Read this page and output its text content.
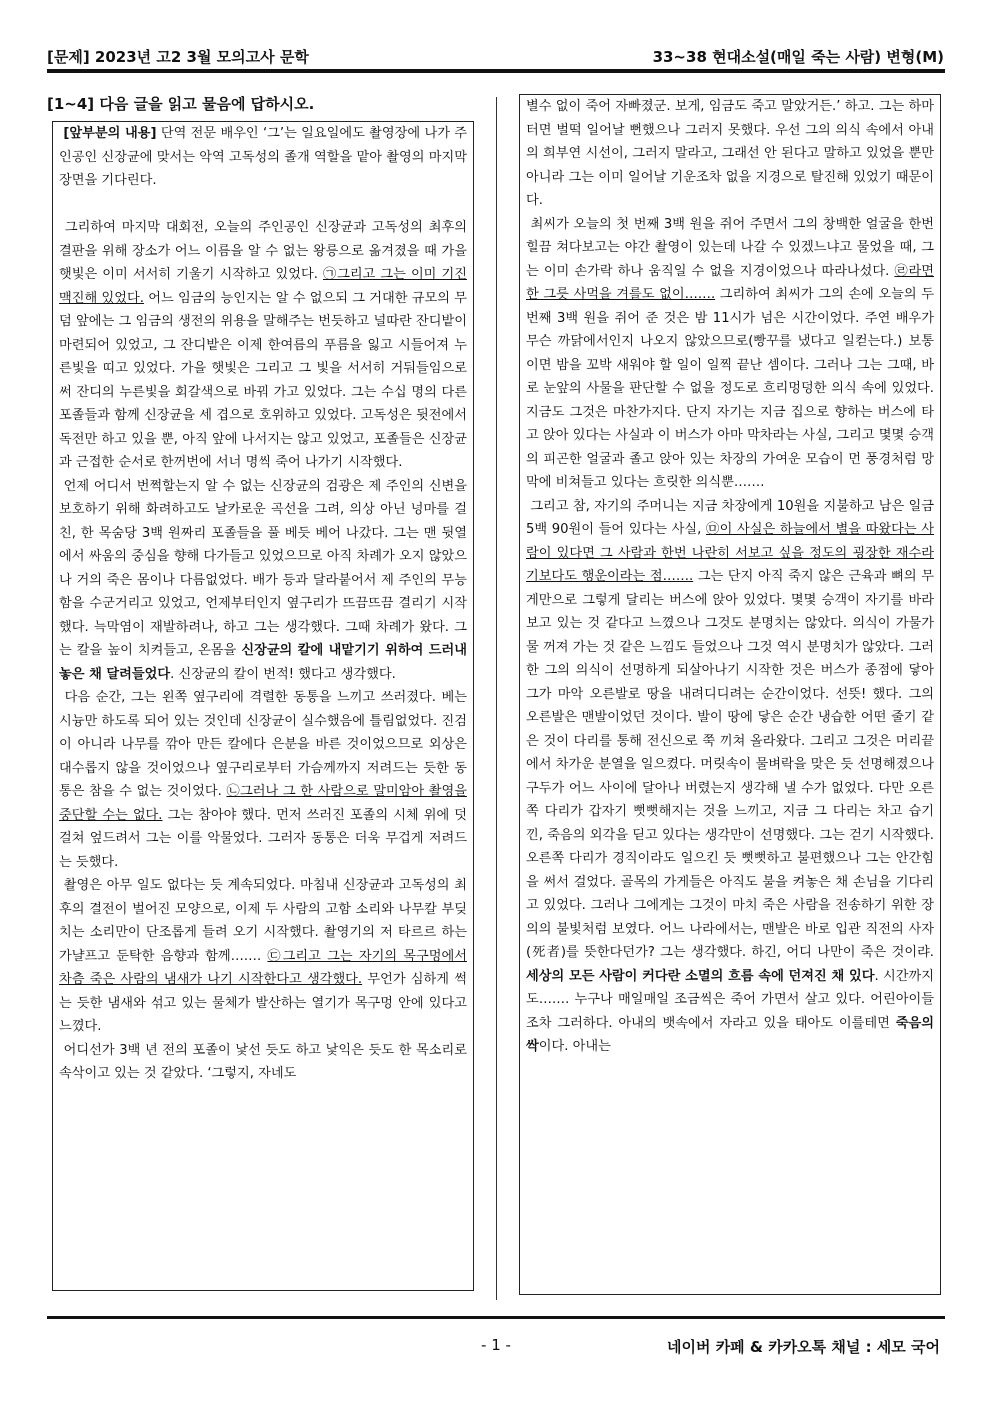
[문제] 2023년 고2 3월 모의고사 문학	33~38 현대소설(매일 죽는 사람) 변형(M)
[1~4] 다음 글을 읽고 물음에 답하시오.

[앞부분의 내용] 단역 전문 배우인 ‘그’는 일요일에도 촬영장에 나가 주인공인 신장균에 맞서는 악역 고독성의 졸개 역할을 맡아 촬영의 마지막 장면을 기다린다.

그리하여 마지막 대회전, 오늘의 주인공인 신장균과 고독성의 최후의 결판을 위해 장소가 어느 이름을 알 수 없는 왕릉으로 옮겨졌을 때 가을 햇빛은 이미 서서히 기울기 시작하고 있었다. ㉠그리고 그는 이미 기진맥진해 있었다. 어느 임금의 능인지는 알 수 없으되 그 거대한 규모의 무덤 앞에는 그 임금의 생전의 위용을 말해주는 번듯하고 널따란 잔디밭이 마련되어 있었고, 그 잔디밭은 이제 한여름의 푸름을 잃고 시들어져 누른빛을 띠고 있었다. 가을 햇빛은 그리고 그 빛을 서서히 거둬들임으로써 잔디의 누른빛을 회갈색으로 바꿔 가고 있었다. 그는 수십 명의 다른 포졸들과 함께 신장균을 세 겹으로 호위하고 있었다. 고독성은 뒷전에서 독전만 하고 있을 뿐, 아직 앞에 나서지는 않고 있었고, 포졸들은 신장균과 근접한 순서로 한꺼번에 서너 명씩 죽어 나가기 시작했다.

언제 어디서 번쩍할는지 알 수 없는 신장균의 검광은 제 주인의 신변을 보호하기 위해 화려하고도 날카로운 곡선을 그려, 의상 아닌 넝마를 걸친, 한 목숨당 3백 원짜리 포졸들을 풀 베듯 베어 나갔다. 그는 맨 뒷열에서 싸움의 중심을 향해 다가들고 있었으므로 아직 차례가 오지 않았으나 거의 죽은 몸이나 다름없었다. 배가 등과 달라붙어서 제 주인의 무능함을 수군거리고 있었고, 언제부터인지 옆구리가 뜨끔뜨끔 결리기 시작했다. 늑막염이 재발하려나, 하고 그는 생각했다. 그때 차례가 왔다. 그는 칼을 높이 치켜들고, 온몸을 신장균의 칼에 내맡기기 위하여 드러내놓은 채 달려들었다. 신장균의 칼이 번적! 했다고 생각했다.

다음 순간, 그는 왼쪽 옆구리에 격렬한 동통을 느끼고 쓰러졌다. 베는 시늉만 하도록 되어 있는 것인데 신장균이 실수했음에 틀림없었다. 진검이 아니라 나무를 깎아 만든 칼에다 은분을 바른 것이었으므로 외상은 대수롭지 않을 것이었으나 옆구리로부터 가슴께까지 저려드는 듯한 동통은 참을 수 없는 것이었다. ㉡그러나 그 한 사람으로 말미암아 촬영을 중단할 수는 없다. 그는 참아야 했다. 먼저 쓰러진 포졸의 시체 위에 덧걸쳐 엎드려서 그는 이를 악물었다. 그러자 동통은 더욱 무겁게 저려드는 듯했다.

촬영은 아무 일도 없다는 듯 계속되었다. 마침내 신장균과 고독성의 최후의 결전이 벌어진 모양으로, 이제 두 사람의 고함 소리와 나무칼 부딪치는 소리만이 단조롭게 들려 오기 시작했다. 촬영기의 저 타르르 하는 가냘프고 둔탁한 음향과 함께……. ㉢그리고 그는 자기의 목구멍에서 차츰 죽은 사람의 냄새가 나기 시작한다고 생각했다. 무언가 심하게 썩는 듯한 냄새와 섞고 있는 물체가 발산하는 열기가 목구멍 안에 있다고 느꼈다.

어디선가 3백 년 전의 포졸이 낯선 듯도 하고 낯익은 듯도 한 목소리로 속삭이고 있는 것 같았다. ‘그렇지, 자네도

별수 없이 죽어 자빠졌군. 보게, 임금도 죽고 말았거든.’ 하고. 그는 하마터면 벌떡 일어날 뻔했으나 그러지 못했다. 우선 그의 의식 속에서 아내의 희부연 시선이, 그러지 말라고, 그래선 안 된다고 말하고 있었을 뿐만 아니라 그는 이미 일어날 기운조차 없을 지경으로 탈진해 있었기 때문이다.

최씨가 오늘의 첫 번째 3백 원을 쥐어 주면서 그의 창백한 얼굴을 한번 힐끔 쳐다보고는 야간 촬영이 있는데 나갈 수 있겠느냐고 물었을 때, 그는 이미 손가락 하나 움직일 수 없을 지경이었으나 따라나섰다. ㉣라면 한 그릇 사먹을 겨를도 없이……. 그리하여 최씨가 그의 손에 오늘의 두 번째 3백 원을 쥐어 준 것은 밤 11시가 넘은 시간이었다. 주연 배우가 무슨 까닭에서인지 나오지 않았으므로(빵꾸를 냈다고 일컫는다.) 보통이면 밤을 꼬박 새워야 할 일이 일찍 끝난 셈이다. 그러나 그는 그때, 바로 눈앞의 사물을 판단할 수 없을 정도로 흐리멍덩한 의식 속에 있었다. 지금도 그것은 마찬가지다. 단지 자기는 지금 집으로 향하는 버스에 타고 앉아 있다는 사실과 이 버스가 아마 막차라는 사실, 그리고 몇몇 승객의 피곤한 얼굴과 졸고 앉아 있는 차장의 가여운 모습이 먼 풍경처럼 망막에 비쳐들고 있다는 흐릿한 의식뿐…….

그리고 참, 자기의 주머니는 지금 차장에게 10원을 지불하고 남은 일금 5백 90원이 들어 있다는 사실, ㉤이 사실은 하늘에서 별을 따왔다는 사람이 있다면 그 사람과 한번 나란히 서보고 싶을 정도의 굉장한 재수라기보다도 행운이라는 점……. 그는 단지 아직 죽지 않은 근육과 뼈의 무게만으로 그렇게 달리는 버스에 앉아 있었다. 몇몇 승객이 자기를 바라보고 있는 것 같다고 느꼈으나 그것도 분명치는 않았다. 의식이 가물가물 꺼져 가는 것 같은 느낌도 들었으나 그것 역시 분명치가 않았다. 그러한 그의 의식이 선명하게 되살아나기 시작한 것은 버스가 종점에 닿아 그가 마악 오른발로 땅을 내려디디려는 순간이었다. 선뜻! 했다. 그의 오른발은 맨발이었던 것이다. 발이 땅에 닿은 순간 냉습한 어떤 줄기 같은 것이 다리를 통해 전신으로 쭉 끼쳐 올라왔다. 그리고 그것은 머리끝에서 차가운 분열을 일으켰다. 머릿속이 물벼락을 맞은 듯 선명해졌으나 구두가 어느 사이에 달아나 버렸는지 생각해 낼 수가 없었다. 다만 오른쪽 다리가 갑자기 뻣뻣해지는 것을 느끼고, 지금 그 다리는 차고 습기 낀, 죽음의 외각을 딛고 있다는 생각만이 선명했다. 그는 걷기 시작했다. 오른쪽 다리가 경직이라도 일으킨 듯 뻣뻣하고 불편했으나 그는 안간힘을 써서 걸었다. 골목의 가게들은 아직도 불을 켜놓은 채 손님을 기다리고 있었다. 그러나 그에게는 그것이 마치 죽은 사람을 전송하기 위한 장의의 불빛처럼 보였다. 어느 나라에서는, 맨발은 바로 입관 직전의 사자(死者)를 뜻한다던가? 그는 생각했다. 하긴, 어디 나만이 죽은 것이랴. 세상의 모든 사람이 커다란 소멸의 흐름 속에 던져진 채 있다. 시간까지도……. 누구나 매일매일 조금씩은 죽어 가면서 살고 있다. 어린아이들조차 그러하다. 아내의 뱃속에서 자라고 있을 태아도 이를테면 죽음의 싹이다. 아내는

- 1 -	네이버 카페 & 카카오톡 채널 : 세모 국어
